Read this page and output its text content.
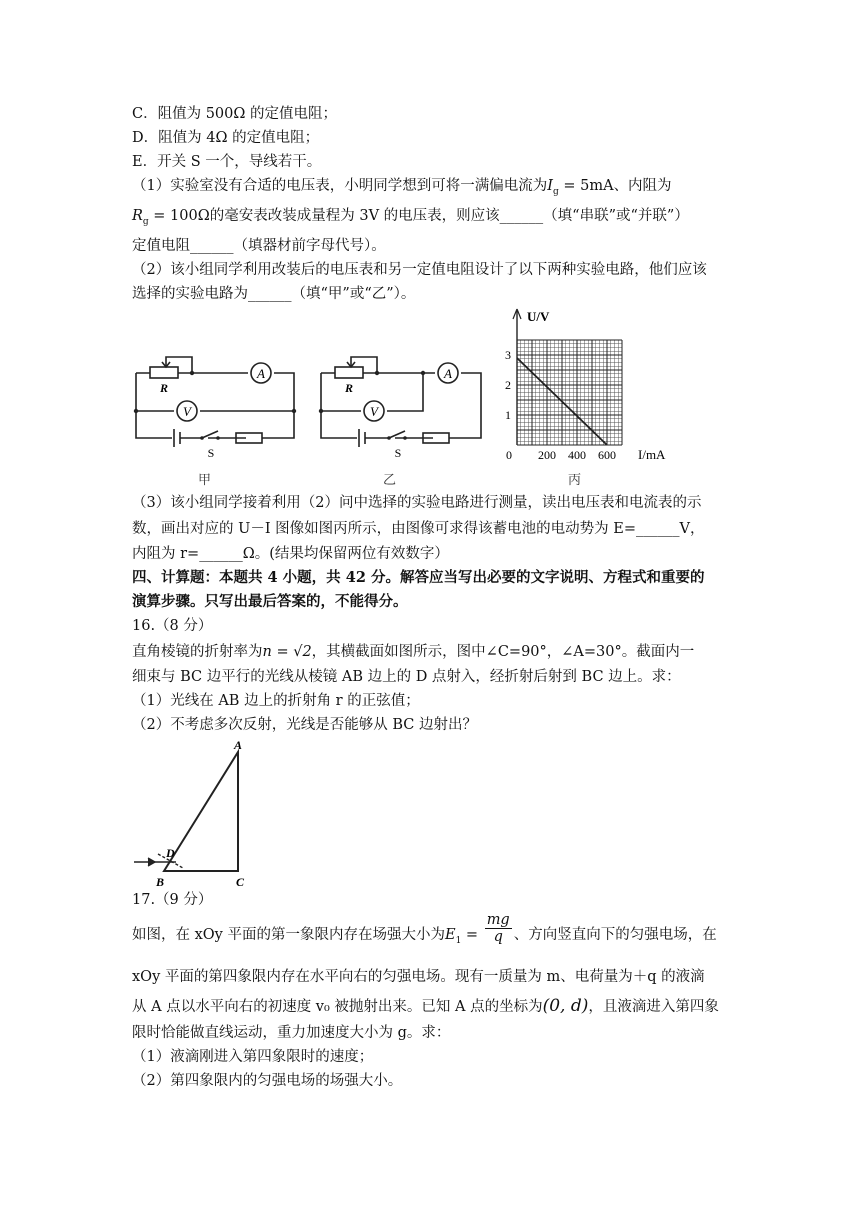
C．阻值为 500Ω 的定值电阻；
D．阻值为 4Ω 的定值电阻；
E．开关 S 一个，导线若干。
（1）实验室没有合适的电压表，小明同学想到可将一满偏电流为$I_g = 5mA$、内阻为
$R_g = 100\Omega$的毫安表改装成量程为 3V 的电压表，则应该______（填“串联”或“并联”）
定值电阻______（填器材前字母代号）。
（2）该小组同学利用改装后的电压表和另一定值电阻设计了以下两种实验电路，他们应该
选择的实验电路为______（填“甲”或“乙”）。
A
V
R
S
甲
A
V
R
S
乙
0 200 400 600
1
2
3
U/V
I/mA
丙
（3）该小组同学接着利用（2）问中选择的实验电路进行测量，读出电压表和电流表的示
数，画出对应的 U－I 图像如图丙所示，由图像可求得该蓄电池的电动势为 E=______V，
内阻为 r=______Ω。(结果均保留两位有效数字）
四、计算题：本题共 4 小题，共 42 分。解答应当写出必要的文字说明、方程式和重要的
演算步骤。只写出最后答案的，不能得分。
16.（8 分）
直角棱镜的折射率为n = √2，其横截面如图所示，图中∠C=90°，∠A=30°。截面内一
细束与 BC 边平行的光线从棱镜 AB 边上的 D 点射入，经折射后射到 BC 边上。求：
（1）光线在 AB 边上的折射角 r 的正弦值；
（2）不考虑多次反射，光线是否能够从 BC 边射出？
A
B	C
D
17.（9 分）
如图，在 xOy 平面的第一象限内存在场强大小为$E_1 = \frac{mg}{q}$ 、方向竖直向下的匀强电场，在
xOy 平面的第四象限内存在水平向右的匀强电场。现有一质量为 m、电荷量为＋q 的液滴
从 A 点以水平向右的初速度 v₀ 被抛射出来。已知 A 点的坐标为(0, d)，且液滴进入第四象
限时恰能做直线运动，重力加速度大小为 g。求：
（1）液滴刚进入第四象限时的速度；
（2）第四象限内的匀强电场的场强大小。
